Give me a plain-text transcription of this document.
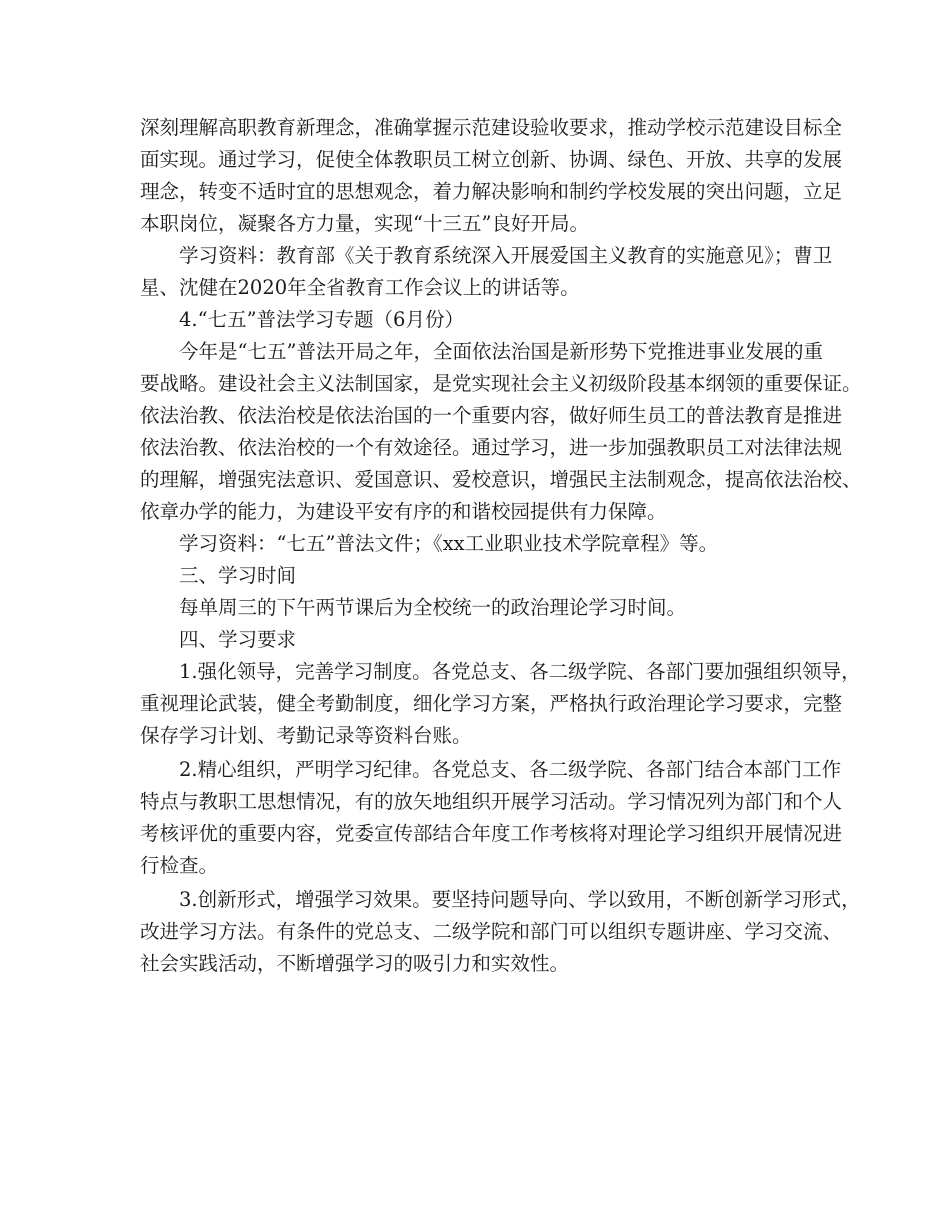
深刻理解高职教育新理念，准确掌握示范建设验收要求，推动学校示范建设目标全
面实现。通过学习，促使全体教职员工树立创新、协调、绿色、开放、共享的发展
理念，转变不适时宜的思想观念，着力解决影响和制约学校发展的突出问题，立足
本职岗位，凝聚各方力量，实现“十三五”良好开局。
学习资料：教育部《关于教育系统深入开展爱国主义教育的实施意见》；曹卫
星、沈健在2020年全省教育工作会议上的讲话等。
4.“七五”普法学习专题（6月份）
今年是“七五”普法开局之年，全面依法治国是新形势下党推进事业发展的重
要战略。建设社会主义法制国家，是党实现社会主义初级阶段基本纲领的重要保证。
依法治教、依法治校是依法治国的一个重要内容，做好师生员工的普法教育是推进
依法治教、依法治校的一个有效途径。通过学习，进一步加强教职员工对法律法规
的理解，增强宪法意识、爱国意识、爱校意识，增强民主法制观念，提高依法治校、
依章办学的能力，为建设平安有序的和谐校园提供有力保障。
学习资料：“七五”普法文件；《xx工业职业技术学院章程》等。
三、学习时间
每单周三的下午两节课后为全校统一的政治理论学习时间。
四、学习要求
1.强化领导，完善学习制度。各党总支、各二级学院、各部门要加强组织领导，
重视理论武装，健全考勤制度，细化学习方案，严格执行政治理论学习要求，完整
保存学习计划、考勤记录等资料台账。
2.精心组织，严明学习纪律。各党总支、各二级学院、各部门结合本部门工作
特点与教职工思想情况，有的放矢地组织开展学习活动。学习情况列为部门和个人
考核评优的重要内容，党委宣传部结合年度工作考核将对理论学习组织开展情况进
行检查。
3.创新形式，增强学习效果。要坚持问题导向、学以致用，不断创新学习形式，
改进学习方法。有条件的党总支、二级学院和部门可以组织专题讲座、学习交流、
社会实践活动，不断增强学习的吸引力和实效性。
